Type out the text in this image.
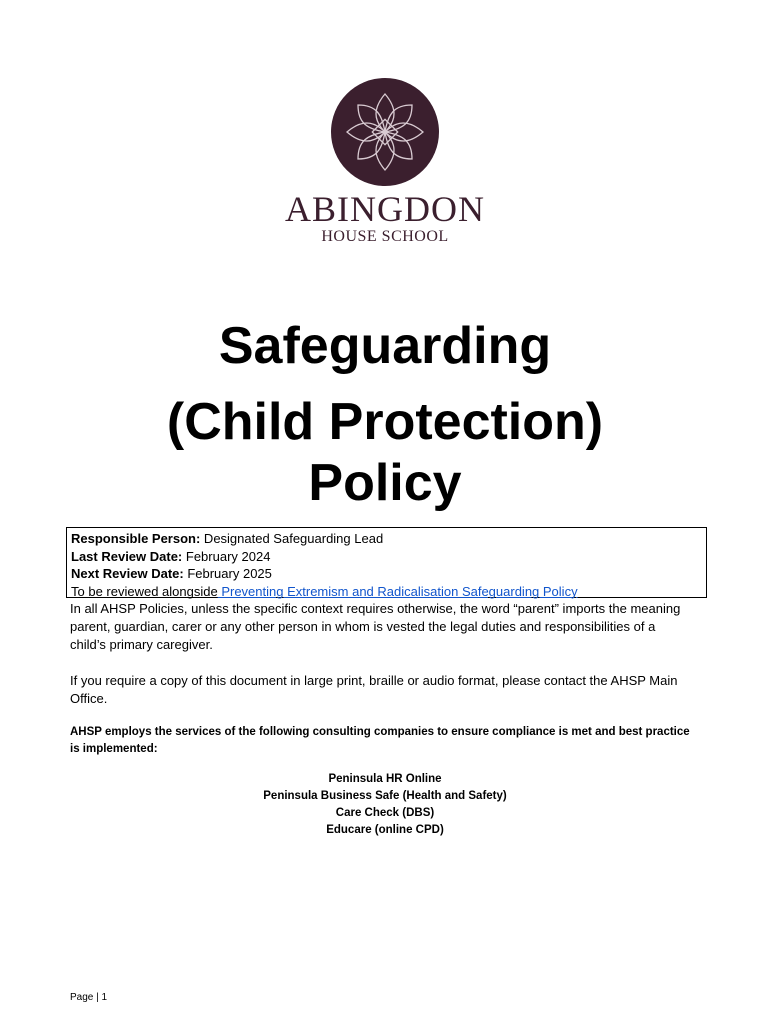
ABINGDON
HOUSE SCHOOL
Safeguarding
(Child Protection)
Policy
Responsible Person: Designated Safeguarding Lead
Last Review Date: February 2024
Next Review Date: February 2025
To be reviewed alongside Preventing Extremism and Radicalisation Safeguarding Policy
In all AHSP Policies, unless the specific context requires otherwise, the word “parent” imports the meaning parent, guardian, carer or any other person in whom is vested the legal duties and responsibilities of a child’s primary caregiver.
If you require a copy of this document in large print, braille or audio format, please contact the AHSP Main Office.
AHSP employs the services of the following consulting companies to ensure compliance is met and best practice is implemented:
Peninsula HR Online
Peninsula Business Safe (Health and Safety)
Care Check (DBS)
Educare (online CPD)
Page | 1
